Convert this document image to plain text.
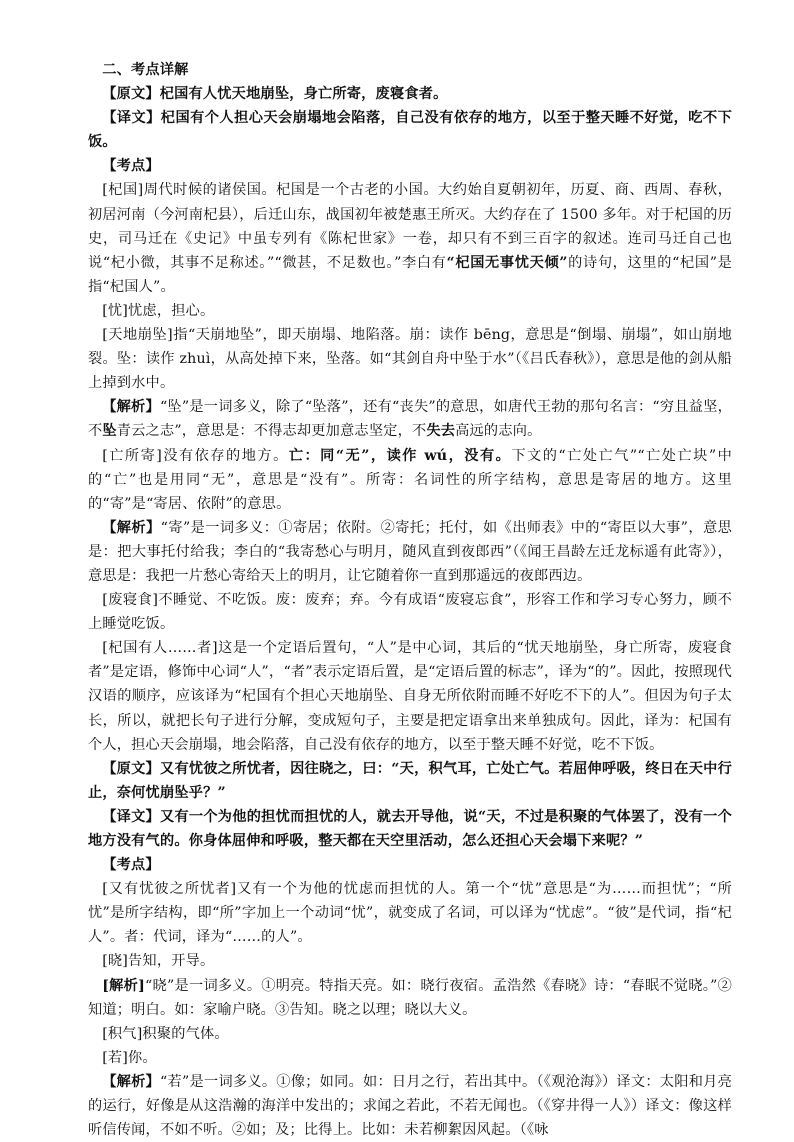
二、考点详解

【原文】杞国有人忧天地崩坠，身亡所寄，废寝食者。

【译文】杞国有个人担心天会崩塌地会陷落，自己没有依存的地方，以至于整天睡不好觉，吃不下饭。

【考点】

[杞国]周代时候的诸侯国。杞国是一个古老的小国。大约始自夏朝初年，历夏、商、西周、春秋，初居河南（今河南杞县），后迁山东，战国初年被楚惠王所灭。大约存在了 1500 多年。对于杞国的历史，司马迁在《史记》中虽专列有《陈杞世家》一卷，却只有不到三百字的叙述。连司马迁自己也说“杞小微，其事不足称述。”“微甚，不足数也。”李白有“杞国无事忧天倾”的诗句，这里的“杞国”是指“杞国人”。

[忧]忧虑，担心。

[天地崩坠]指“天崩地坠”，即天崩塌、地陷落。崩：读作 bēng，意思是“倒塌、崩塌”，如山崩地裂。坠：读作 zhuì，从高处掉下来，坠落。如“其剑自舟中坠于水”（《吕氏春秋》），意思是他的剑从船上掉到水中。

【解析】“坠”是一词多义，除了“坠落”，还有“丧失”的意思，如唐代王勃的那句名言：“穷且益坚，不坠青云之志”，意思是：不得志却更加意志坚定，不失去高远的志向。

[亡所寄]没有依存的地方。亡：同“无”，读作 wú，没有。下文的“亡处亡气”“亡处亡块”中的“亡”也是用同“无”，意思是“没有”。所寄：名词性的所字结构，意思是寄居的地方。这里的“寄”是“寄居、依附”的意思。

【解析】“寄”是一词多义：①寄居；依附。②寄托；托付，如《出师表》中的“寄臣以大事”，意思是：把大事托付给我；李白的“我寄愁心与明月，随风直到夜郎西”（《闻王昌龄左迁龙标遥有此寄》），意思是：我把一片愁心寄给天上的明月，让它随着你一直到那遥远的夜郎西边。

[废寝食]不睡觉、不吃饭。废：废弃；弃。今有成语“废寝忘食”，形容工作和学习专心努力，顾不上睡觉吃饭。

[杞国有人……者]这是一个定语后置句，“人”是中心词，其后的“忧天地崩坠，身亡所寄，废寝食者”是定语，修饰中心词“人”，“者”表示定语后置，是“定语后置的标志”，译为“的”。因此，按照现代汉语的顺序，应该译为“杞国有个担心天地崩坠、自身无所依附而睡不好吃不下的人”。但因为句子太长，所以，就把长句子进行分解，变成短句子，主要是把定语拿出来单独成句。因此，译为：杞国有个人，担心天会崩塌，地会陷落，自己没有依存的地方，以至于整天睡不好觉，吃不下饭。

【原文】又有忧彼之所忧者，因往晓之，曰：“天，积气耳，亡处亡气。若屈伸呼吸，终日在天中行止，奈何忧崩坠乎？”

【译文】又有一个为他的担忧而担忧的人，就去开导他，说“天，不过是积聚的气体罢了，没有一个地方没有气的。你身体屈伸和呼吸，整天都在天空里活动，怎么还担心天会塌下来呢？”

【考点】

[又有忧彼之所忧者]又有一个为他的忧虑而担忧的人。第一个“忧”意思是“为……而担忧”；“所忧”是所字结构，即“所”字加上一个动词“忧”，就变成了名词，可以译为“忧虑”。“彼”是代词，指“杞人”。者：代词，译为“……的人”。

[晓]告知，开导。

[解析]“晓”是一词多义。①明亮。特指天亮。如：晓行夜宿。孟浩然《春晓》诗：“春眠不觉晓。”②知道；明白。如：家喻户晓。③告知。晓之以理；晓以大义。

[积气]积聚的气体。

[若]你。

【解析】“若”是一词多义。①像；如同。如：日月之行，若出其中。（《观沧海》）译文：太阳和月亮的运行，好像是从这浩瀚的海洋中发出的；求闻之若此，不若无闻也。（《穿井得一人》）译文：像这样听信传闻，不如不听。②如；及；比得上。比如：未若柳絮因风起。（《咏
